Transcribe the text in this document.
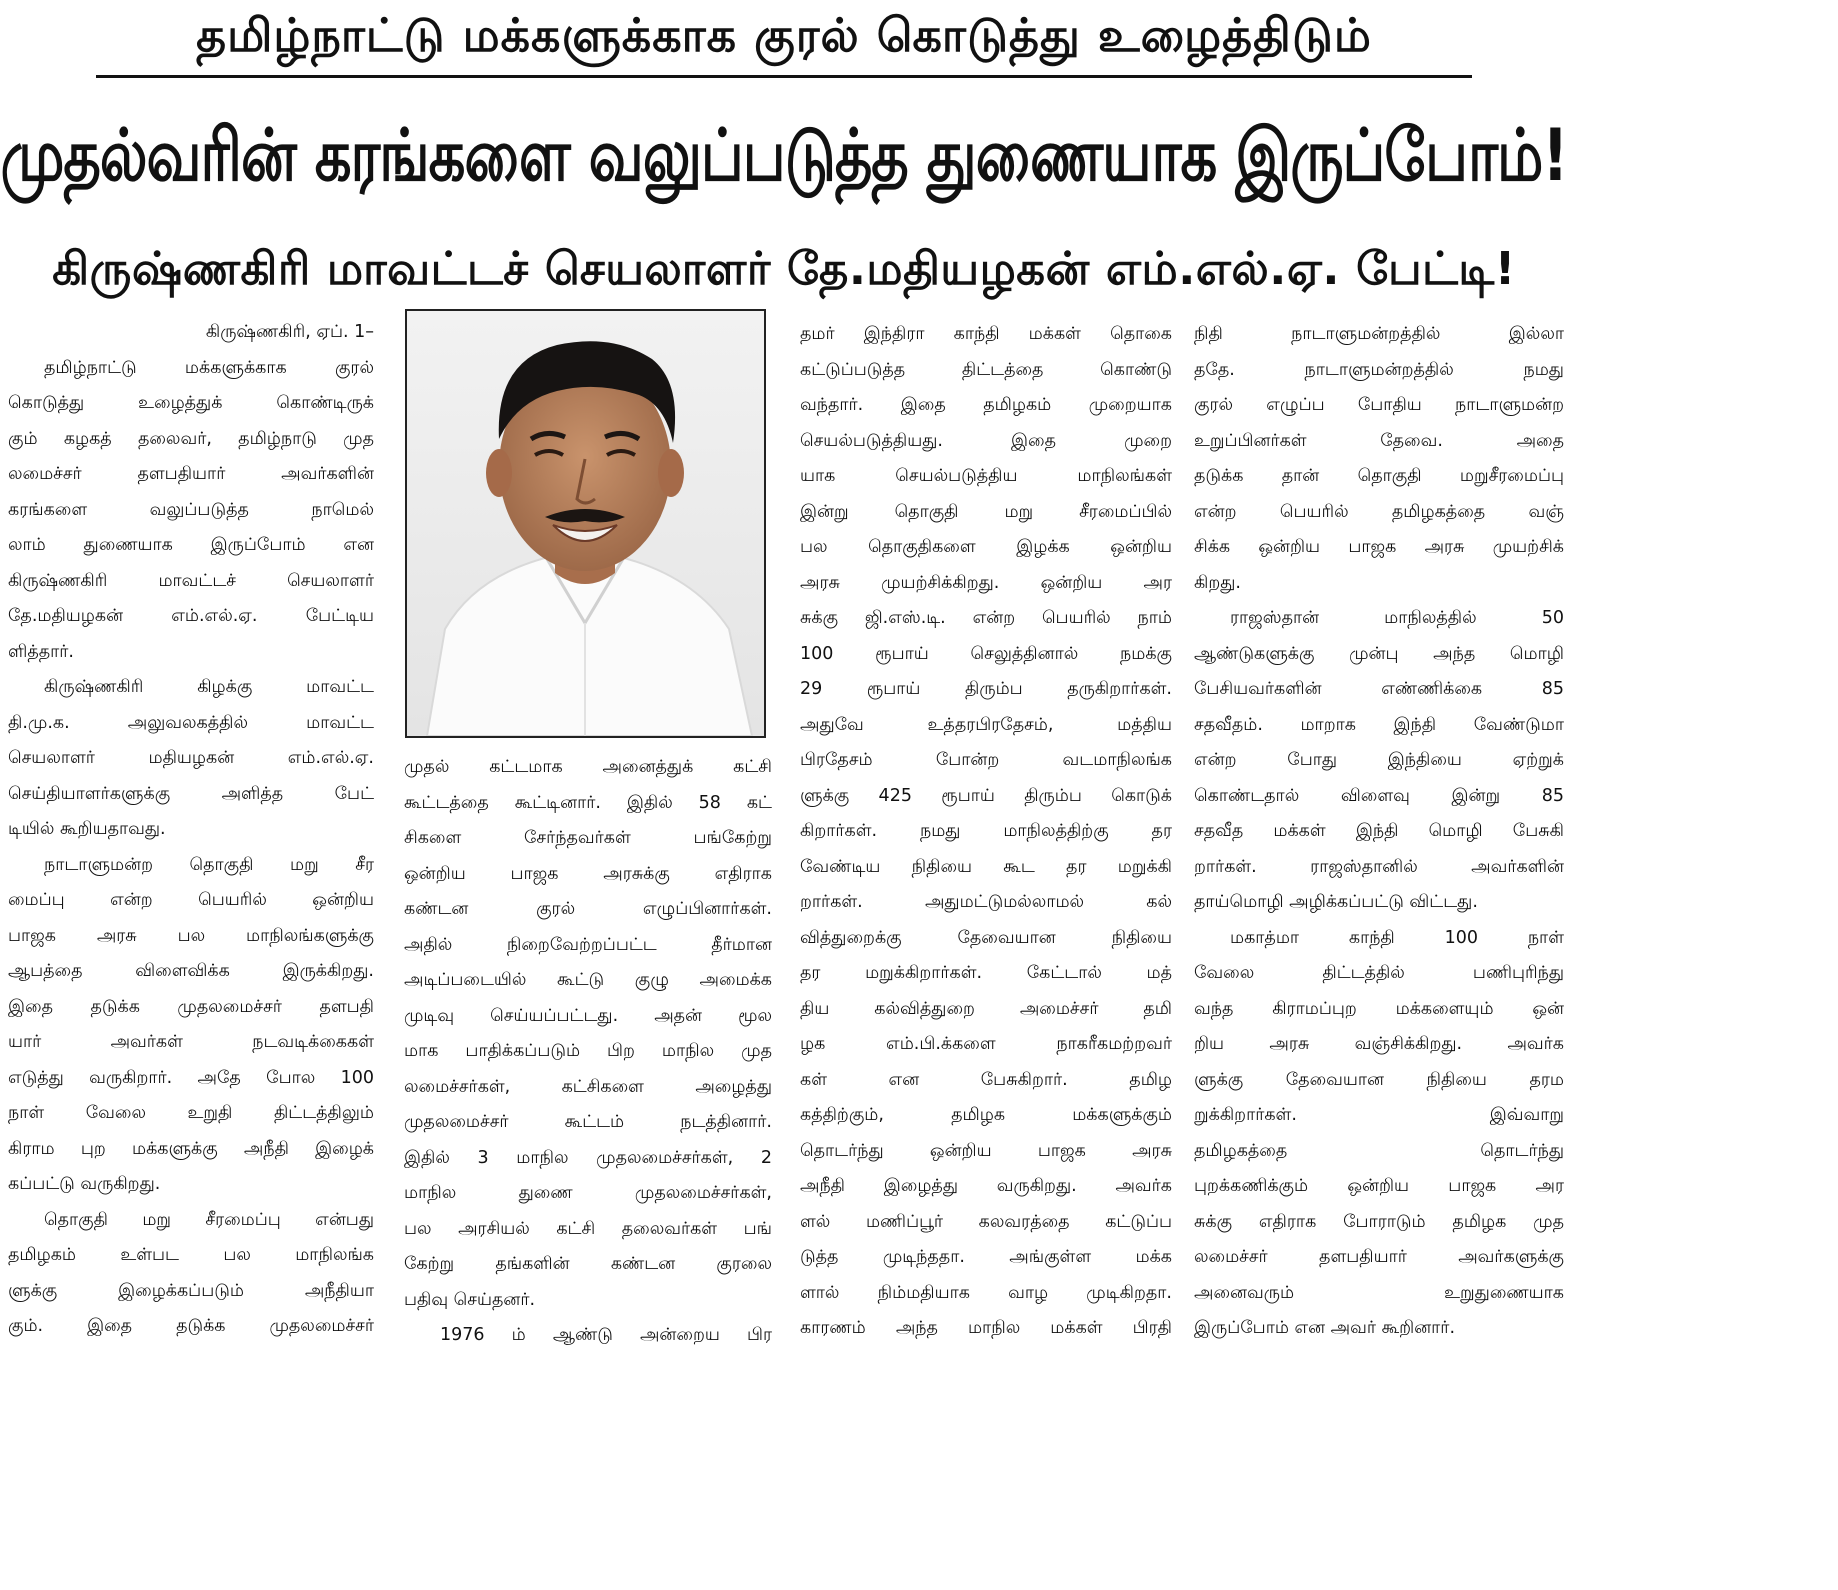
தமிழ்நாட்டு மக்களுக்காக குரல் கொடுத்து உழைத்திடும்
முதல்வரின் கரங்களை வலுப்படுத்த துணையாக இருப்போம்!
கிருஷ்ணகிரி மாவட்டச் செயலாளர் தே.மதியழகன் எம்.எல்.ஏ. பேட்டி!
கிருஷ்ணகிரி, ஏப். 1–
தமிழ்நாட்டு மக்களுக்காக குரல்
கொடுத்து உழைத்துக் கொண்டிருக்
கும் கழகத் தலைவர், தமிழ்நாடு முத
லமைச்சர் தளபதியார் அவர்களின்
கரங்களை வலுப்படுத்த நாமெல்
லாம் துணையாக இருப்போம் என
கிருஷ்ணகிரி மாவட்டச் செயலாளர்
தே.மதியழகன் எம்.எல்.ஏ. பேட்டிய
ளித்தார்.
கிருஷ்ணகிரி கிழக்கு மாவட்ட
தி.மு.க. அலுவலகத்தில் மாவட்ட
செயலாளர் மதியழகன் எம்.எல்.ஏ.
செய்தியாளர்களுக்கு அளித்த பேட்
டியில் கூறியதாவது.
நாடாளுமன்ற தொகுதி மறு சீர
மைப்பு என்ற பெயரில் ஒன்றிய
பாஜக அரசு பல மாநிலங்களுக்கு
ஆபத்தை விளைவிக்க இருக்கிறது.
இதை தடுக்க முதலமைச்சர் தளபதி
யார் அவர்கள் நடவடிக்கைகள்
எடுத்து வருகிறார். அதே போல 100
நாள் வேலை உறுதி திட்டத்திலும்
கிராம புற மக்களுக்கு அநீதி இழைக்
கப்பட்டு வருகிறது.
தொகுதி மறு சீரமைப்பு என்பது
தமிழகம் உள்பட பல மாநிலங்க
ளுக்கு இழைக்கப்படும் அநீதியா
கும். இதை தடுக்க முதலமைச்சர்
முதல் கட்டமாக அனைத்துக் கட்சி
கூட்டத்தை கூட்டினார். இதில் 58 கட்
சிகளை சேர்ந்தவர்கள் பங்கேற்று
ஒன்றிய பாஜக அரசுக்கு எதிராக
கண்டன குரல் எழுப்பினார்கள்.
அதில் நிறைவேற்றப்பட்ட தீர்மான
அடிப்படையில் கூட்டு குழு அமைக்க
முடிவு செய்யப்பட்டது. அதன் மூல
மாக பாதிக்கப்படும் பிற மாநில முத
லமைச்சர்கள், கட்சிகளை அழைத்து
முதலமைச்சர் கூட்டம் நடத்தினார்.
இதில் 3 மாநில முதலமைச்சர்கள், 2
மாநில துணை முதலமைச்சர்கள்,
பல அரசியல் கட்சி தலைவர்கள் பங்
கேற்று தங்களின் கண்டன குரலை
பதிவு செய்தனர்.
1976 ம் ஆண்டு அன்றைய பிர
தமர் இந்திரா காந்தி மக்கள் தொகை
கட்டுப்படுத்த திட்டத்தை கொண்டு
வந்தார். இதை தமிழகம் முறையாக
செயல்படுத்தியது. இதை முறை
யாக செயல்படுத்திய மாநிலங்கள்
இன்று தொகுதி மறு சீரமைப்பில்
பல தொகுதிகளை இழக்க ஒன்றிய
அரசு முயற்சிக்கிறது. ஒன்றிய அர
சுக்கு ஜி.எஸ்.டி. என்ற பெயரில் நாம்
100 ரூபாய் செலுத்தினால் நமக்கு
29 ரூபாய் திரும்ப தருகிறார்கள்.
அதுவே உத்தரபிரதேசம், மத்திய
பிரதேசம் போன்ற வடமாநிலங்க
ளுக்கு 425 ரூபாய் திரும்ப கொடுக்
கிறார்கள். நமது மாநிலத்திற்கு தர
வேண்டிய நிதியை கூட தர மறுக்கி
றார்கள். அதுமட்டுமல்லாமல் கல்
வித்துறைக்கு தேவையான நிதியை
தர மறுக்கிறார்கள். கேட்டால் மத்
திய கல்வித்துறை அமைச்சர் தமி
ழக எம்.பி.க்களை நாகரீகமற்றவர்
கள் என பேசுகிறார். தமிழ
கத்திற்கும், தமிழக மக்களுக்கும்
தொடர்ந்து ஒன்றிய பாஜக அரசு
அநீதி இழைத்து வருகிறது. அவர்க
ளல் மணிப்பூர் கலவரத்தை கட்டுப்ப
டுத்த முடிந்ததா. அங்குள்ள மக்க
ளால் நிம்மதியாக வாழ முடிகிறதா.
காரணம் அந்த மாநில மக்கள் பிரதி
நிதி நாடாளுமன்றத்தில் இல்லா
ததே. நாடாளுமன்றத்தில் நமது
குரல் எழுப்ப போதிய நாடாளுமன்ற
உறுப்பினர்கள் தேவை. அதை
தடுக்க தான் தொகுதி மறுசீரமைப்பு
என்ற பெயரில் தமிழகத்தை வஞ்
சிக்க ஒன்றிய பாஜக அரசு முயற்சிக்
கிறது.
ராஜஸ்தான் மாநிலத்தில் 50
ஆண்டுகளுக்கு முன்பு அந்த மொழி
பேசியவர்களின் எண்ணிக்கை 85
சதவீதம். மாறாக இந்தி வேண்டுமா
என்ற போது இந்தியை ஏற்றுக்
கொண்டதால் விளைவு இன்று 85
சதவீத மக்கள் இந்தி மொழி பேசுகி
றார்கள். ராஜஸ்தானில் அவர்களின்
தாய்மொழி அழிக்கப்பட்டு விட்டது.
மகாத்மா காந்தி 100 நாள்
வேலை திட்டத்தில் பணிபுரிந்து
வந்த கிராமப்புற மக்களையும் ஒன்
றிய அரசு வஞ்சிக்கிறது. அவர்க
ளுக்கு தேவையான நிதியை தரம
றுக்கிறார்கள். இவ்வாறு
தமிழகத்தை தொடர்ந்து
புறக்கணிக்கும் ஒன்றிய பாஜக அர
சுக்கு எதிராக போராடும் தமிழக முத
லமைச்சர் தளபதியார் அவர்களுக்கு
அனைவரும் உறுதுணையாக
இருப்போம் என அவர் கூறினார்.
